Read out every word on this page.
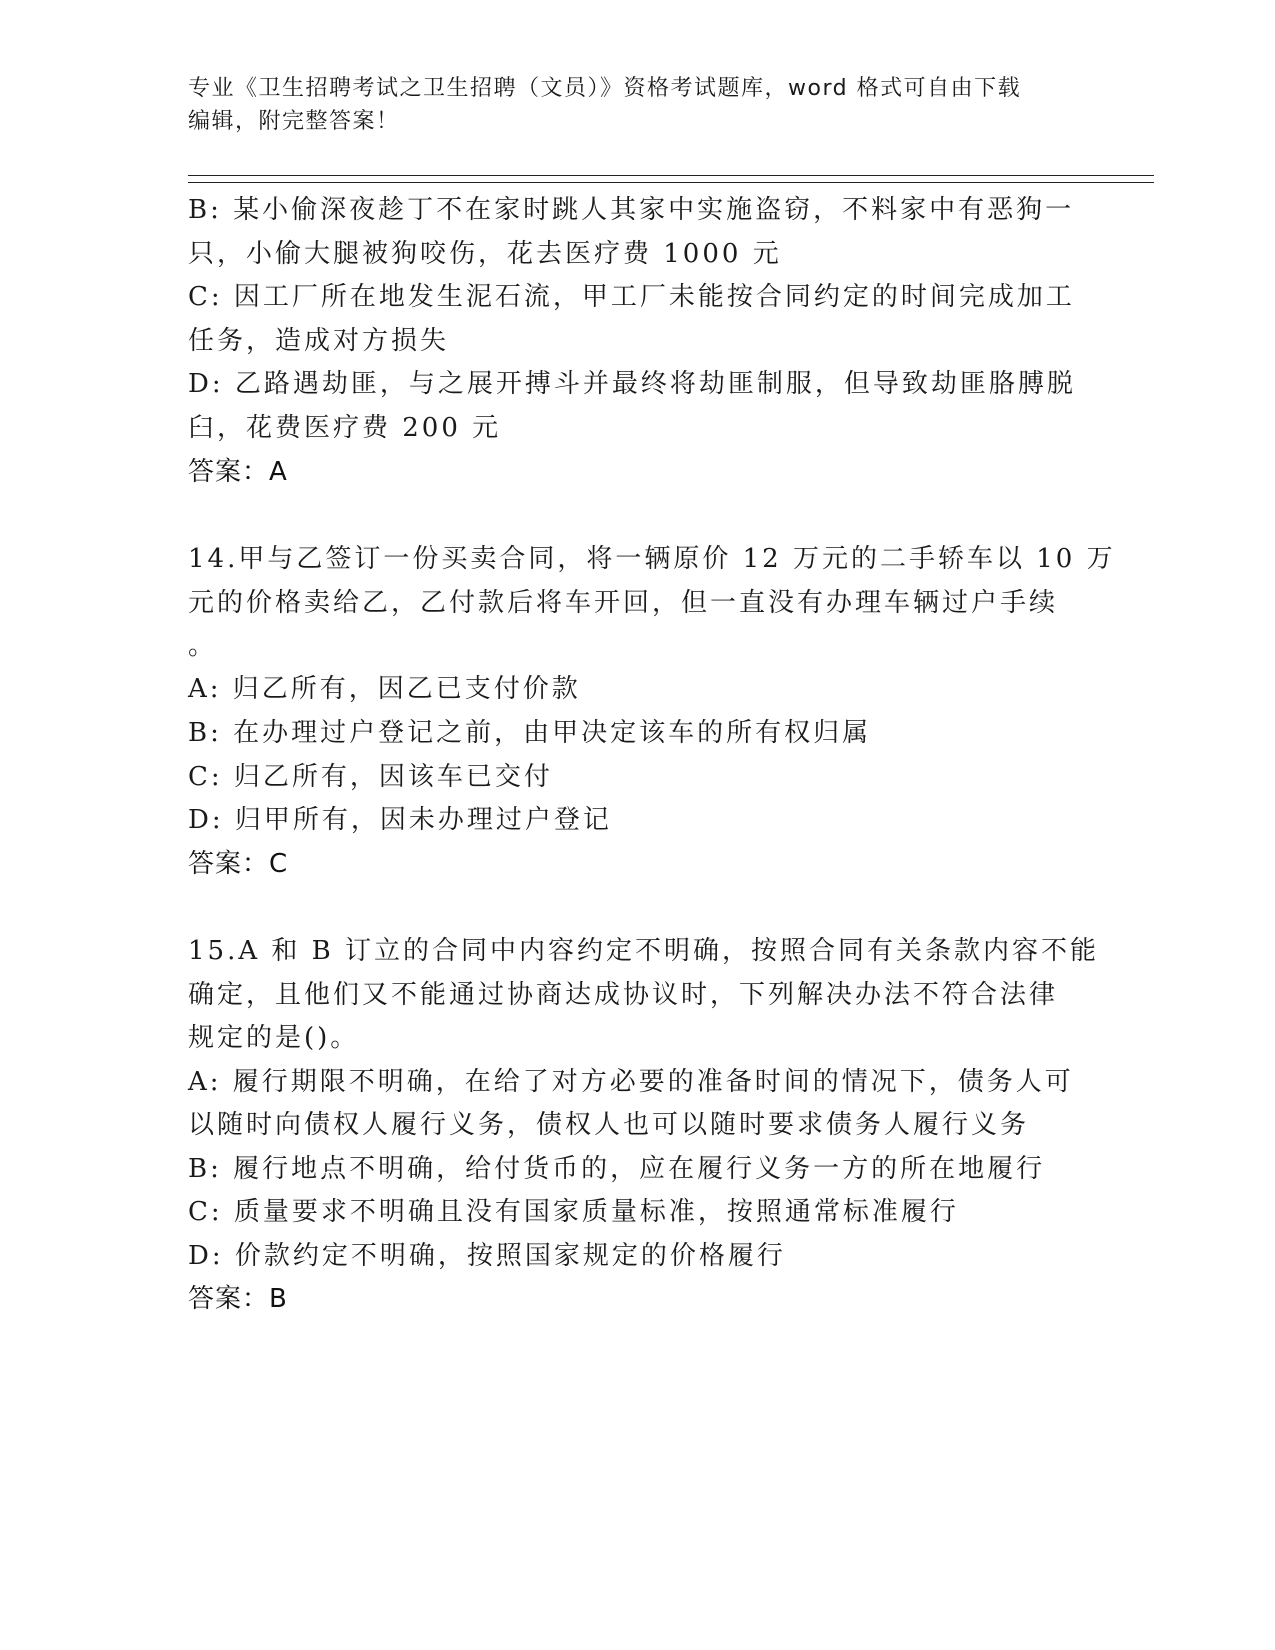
专业《卫生招聘考试之卫生招聘（文员）》资格考试题库，word 格式可自由下载
编辑，附完整答案！
B: 某小偷深夜趁丁不在家时跳人其家中实施盗窃，不料家中有恶狗一
只，小偷大腿被狗咬伤，花去医疗费 1000 元
C: 因工厂所在地发生泥石流，甲工厂未能按合同约定的时间完成加工
任务，造成对方损失
D: 乙路遇劫匪，与之展开搏斗并最终将劫匪制服，但导致劫匪胳膊脱
臼，花费医疗费 200 元
答案：A
14.甲与乙签订一份买卖合同，将一辆原价 12 万元的二手轿车以 10 万
元的价格卖给乙，乙付款后将车开回，但一直没有办理车辆过户手续
。
A: 归乙所有，因乙已支付价款
B: 在办理过户登记之前，由甲决定该车的所有权归属
C: 归乙所有，因该车已交付
D: 归甲所有，因未办理过户登记
答案：C
15.A 和 B 订立的合同中内容约定不明确，按照合同有关条款内容不能
确定，且他们又不能通过协商达成协议时，下列解决办法不符合法律
规定的是()。
A: 履行期限不明确，在给了对方必要的准备时间的情况下，债务人可
以随时向债权人履行义务，债权人也可以随时要求债务人履行义务
B: 履行地点不明确，给付货币的，应在履行义务一方的所在地履行
C: 质量要求不明确且没有国家质量标准，按照通常标准履行
D: 价款约定不明确，按照国家规定的价格履行
答案：B
